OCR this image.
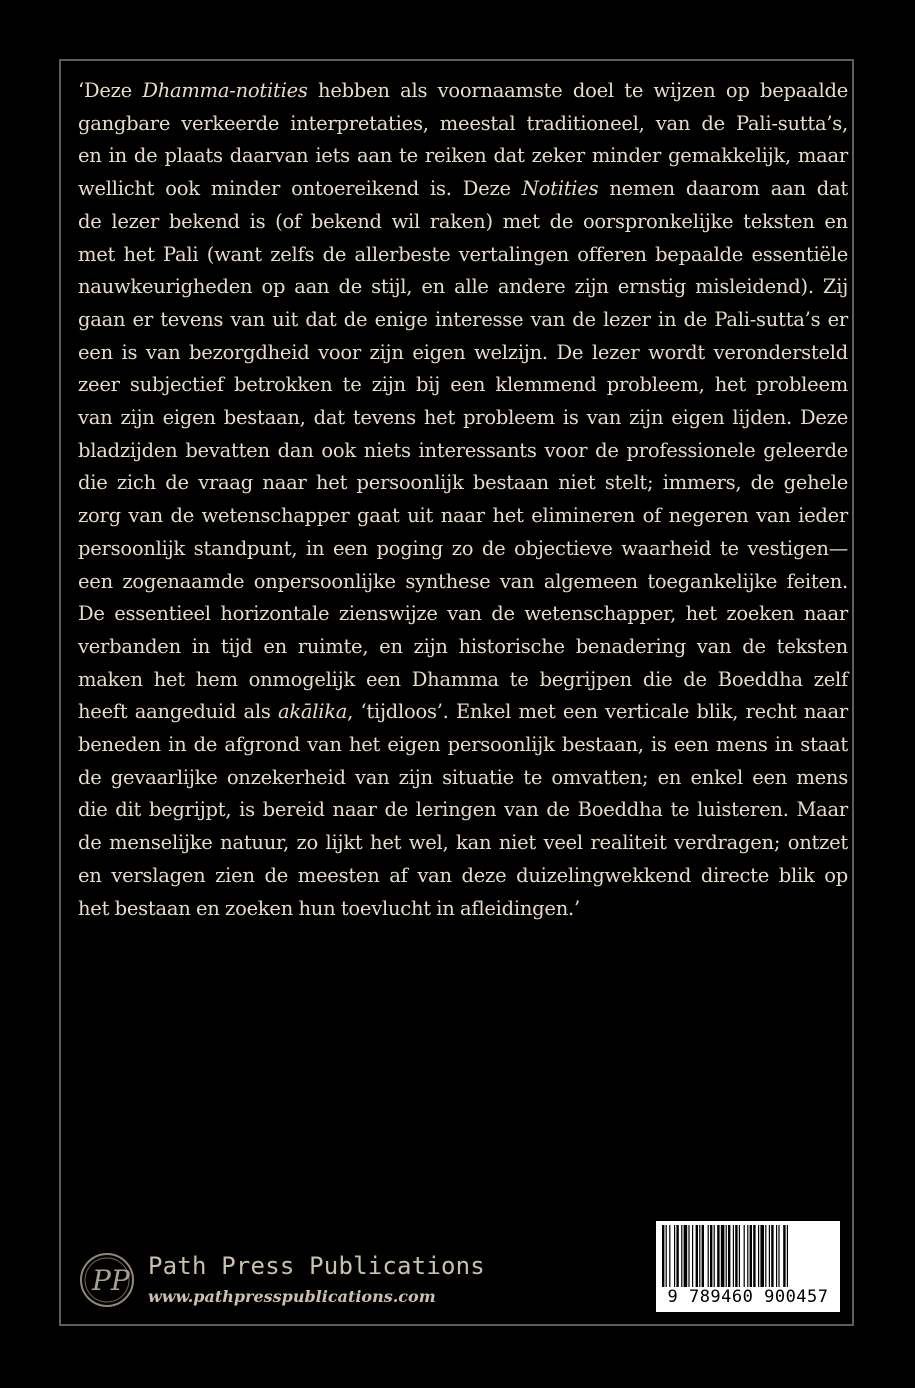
‘Deze Dhamma-notities hebben als voornaamste doel te wijzen op bepaalde
gangbare verkeerde interpretaties, meestal traditioneel, van de Pali-sutta’s,
en in de plaats daarvan iets aan te reiken dat zeker minder gemakkelijk, maar
wellicht ook minder ontoereikend is. Deze Notities nemen daarom aan dat
de lezer bekend is (of bekend wil raken) met de oorspronkelijke teksten en
met het Pali (want zelfs de allerbeste vertalingen offeren bepaalde essentiële
nauwkeurigheden op aan de stijl, en alle andere zijn ernstig misleidend). Zij
gaan er tevens van uit dat de enige interesse van de lezer in de Pali-sutta’s er
een is van bezorgdheid voor zijn eigen welzijn. De lezer wordt verondersteld
zeer subjectief betrokken te zijn bij een klemmend probleem, het probleem
van zijn eigen bestaan, dat tevens het probleem is van zijn eigen lijden. Deze
bladzijden bevatten dan ook niets interessants voor de professionele geleerde
die zich de vraag naar het persoonlijk bestaan niet stelt; immers, de gehele
zorg van de wetenschapper gaat uit naar het elimineren of negeren van ieder
persoonlijk standpunt, in een poging zo de objectieve waarheid te vestigen—
een zogenaamde onpersoonlijke synthese van algemeen toegankelijke feiten.
De essentieel horizontale zienswijze van de wetenschapper, het zoeken naar
verbanden in tijd en ruimte, en zijn historische benadering van de teksten
maken het hem onmogelijk een Dhamma te begrijpen die de Boeddha zelf
heeft aangeduid als akālika, ‘tijdloos’. Enkel met een verticale blik, recht naar
beneden in de afgrond van het eigen persoonlijk bestaan, is een mens in staat
de gevaarlijke onzekerheid van zijn situatie te omvatten; en enkel een mens
die dit begrijpt, is bereid naar de leringen van de Boeddha te luisteren. Maar
de menselijke natuur, zo lijkt het wel, kan niet veel realiteit verdragen; ontzet
en verslagen zien de meesten af van deze duizelingwekkend directe blik op
het bestaan en zoeken hun toevlucht in afleidingen.’
PP Path Press Publications
www.pathpresspublications.com	9 789460 900457
